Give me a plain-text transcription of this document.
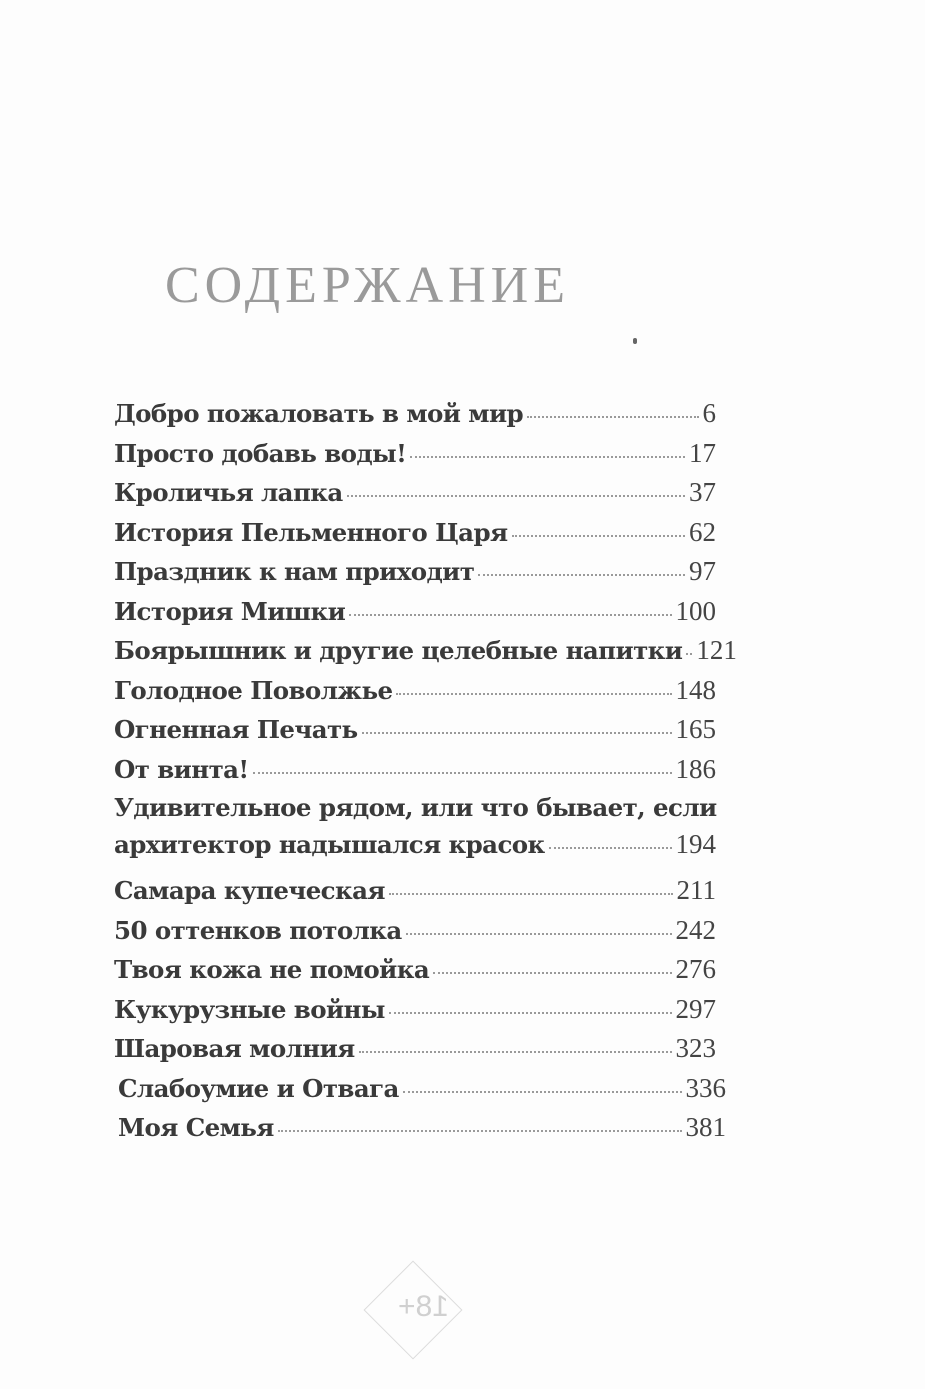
СОДЕРЖАНИЕ
Добро пожаловать в мой мир	6
Просто добавь воды!	17
Кроличья лапка	37
История Пельменного Царя	62
Праздник к нам приходит	97
История Мишки	100
Боярышник и другие целебные напитки 121
Голодное Поволжье	148
Огненная Печать	165
От винта!	186
Удивительное рядом, или что бывает, если
архитектор надышался красок	194
Самара купеческая	211
50 оттенков потолка	242
Твоя кожа не помойка	276
Кукурузные войны	297
Шаровая молния	323
Слабоумие и Отвага	336
Моя Семья	381
18+
